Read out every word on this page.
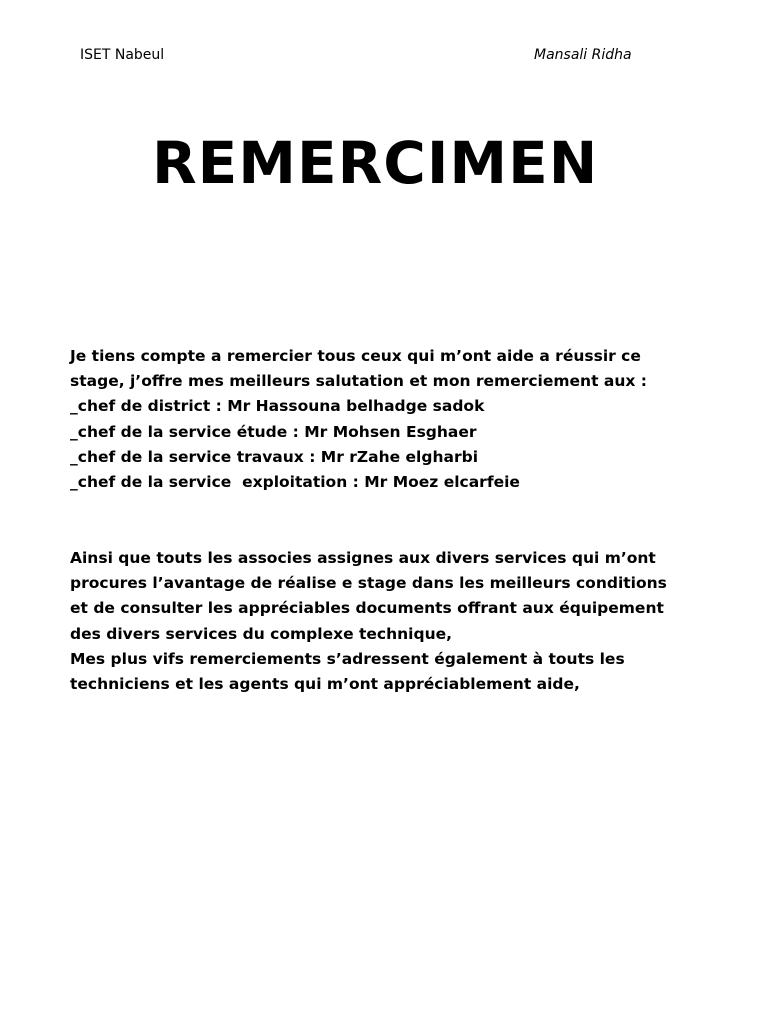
ISET Nabeul	Mansali Ridha
REMERCIMEN
Je tiens compte a remercier tous ceux qui m’ont aide a réussir ce
stage, j’offre mes meilleurs salutation et mon remerciement aux :
_chef de district : Mr Hassouna belhadge sadok
_chef de la service étude : Mr Mohsen Esghaer
_chef de la service travaux : Mr rZahe elgharbi
_chef de la service  exploitation : Mr Moez elcarfeie
Ainsi que touts les associes assignes aux divers services qui m’ont
procures l’avantage de réalise e stage dans les meilleurs conditions
et de consulter les appréciables documents offrant aux équipement
des divers services du complexe technique,
Mes plus vifs remerciements s’adressent également à touts les
techniciens et les agents qui m’ont appréciablement aide,
